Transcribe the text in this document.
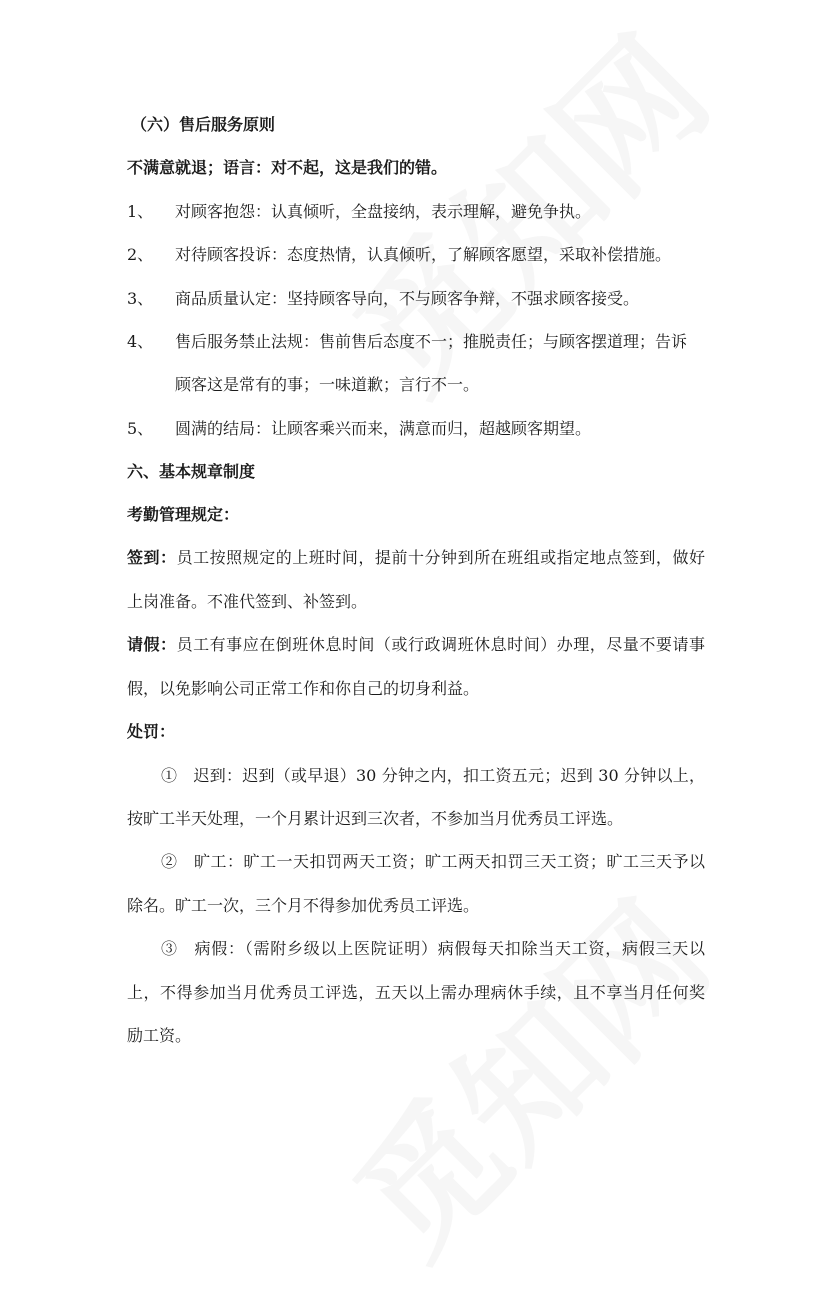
（六）售后服务原则
不满意就退；语言：对不起，这是我们的错。
1、 对顾客抱怨：认真倾听，全盘接纳，表示理解，避免争执。
2、 对待顾客投诉：态度热情，认真倾听，了解顾客愿望，采取补偿措施。
3、 商品质量认定：坚持顾客导向，不与顾客争辩，不强求顾客接受。
4、 售后服务禁止法规：售前售后态度不一；推脱责任；与顾客摆道理；告诉
顾客这是常有的事；一味道歉；言行不一。
5、 圆满的结局：让顾客乘兴而来，满意而归，超越顾客期望。
六、基本规章制度
考勤管理规定：
签到：员工按照规定的上班时间，提前十分钟到所在班组或指定地点签到，做好
上岗准备。不准代签到、补签到。
请假：员工有事应在倒班休息时间（或行政调班休息时间）办理，尽量不要请事
假，以免影响公司正常工作和你自己的切身利益。
处罚：
①　迟到：迟到（或早退）30 分钟之内，扣工资五元；迟到 30 分钟以上，
按旷工半天处理，一个月累计迟到三次者，不参加当月优秀员工评选。
②　旷工：旷工一天扣罚两天工资；旷工两天扣罚三天工资；旷工三天予以
除名。旷工一次，三个月不得参加优秀员工评选。
③　病假：（需附乡级以上医院证明）病假每天扣除当天工资，病假三天以
上，不得参加当月优秀员工评选，五天以上需办理病休手续，且不享当月任何奖
励工资。
